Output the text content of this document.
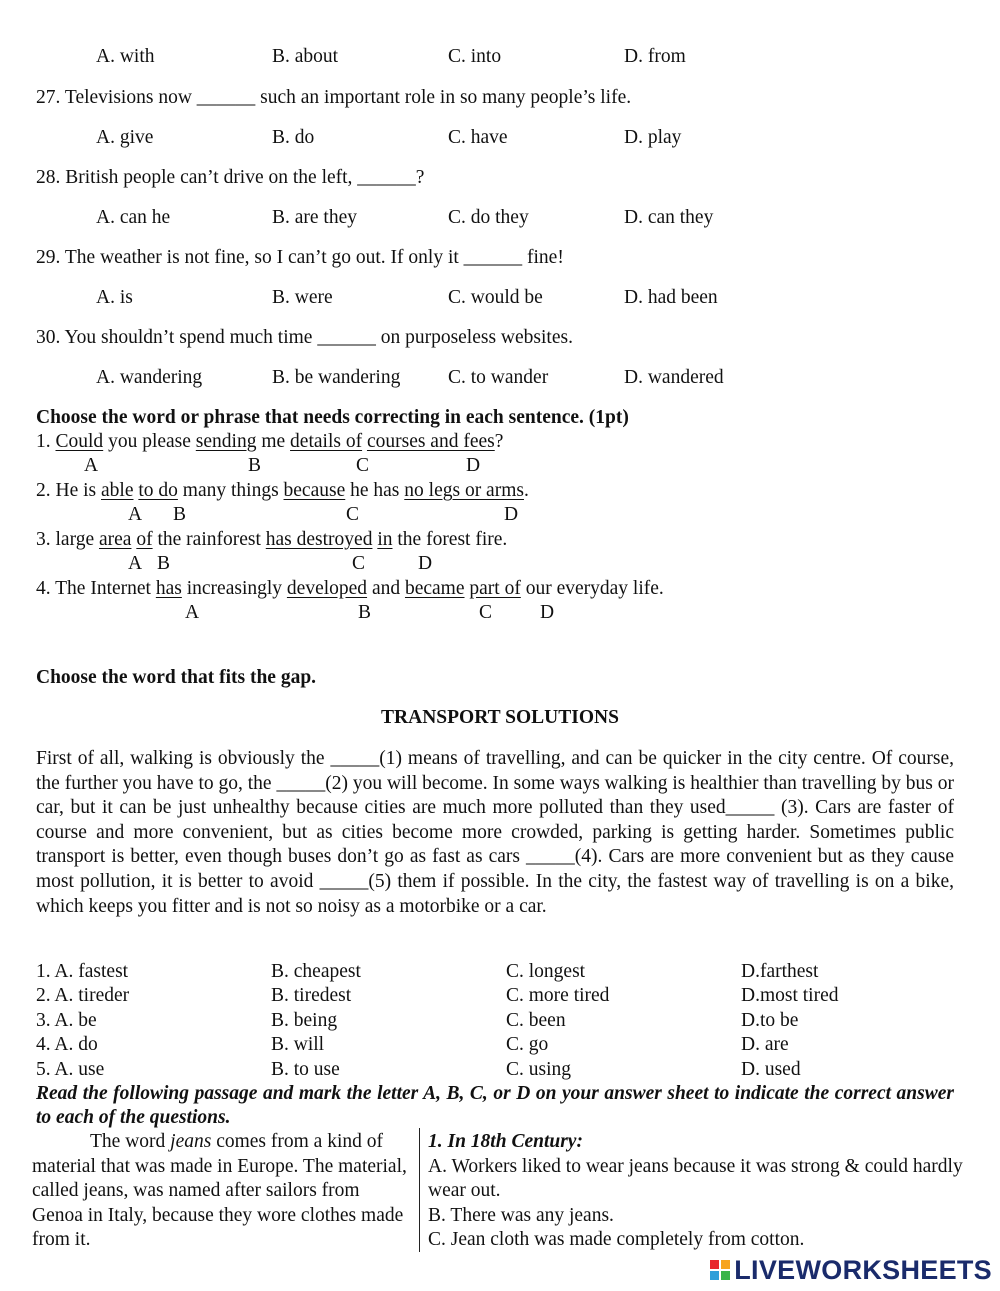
A. with	B. about	C. into	D. from
27. Televisions now ______ such an important role in so many people’s life.
A. give	B. do	C. have	D. play
28. British people can’t drive on the left, ______?
A. can he	B. are they	C. do they	D. can they
29. The weather is not fine, so I can’t go out. If only it ______ fine!
A. is	B. were	C. would be	D. had been
30. You shouldn’t spend much time ______ on purposeless websites.
A. wandering	B. be wandering C. to wander	D. wandered
Choose the word or phrase that needs correcting in each sentence. (1pt)
1. Could you please sending me details of courses and fees?
A	B	C	D
2. He is able to do many things because he has no legs or arms.
A B	C	D
3. large area of the rainforest has destroyed in the forest fire.
A B	C	D
4. The Internet has increasingly developed and became part of our everyday life.
A	B	C D
Choose the word that fits the gap.
TRANSPORT SOLUTIONS
First of all, walking is obviously the _____(1) means of travelling, and can be quicker in the city centre. Of course, the further you have to go, the _____(2) you will become. In some ways walking is healthier than travelling by bus or car, but it can be just unhealthy because cities are much more polluted than they used_____ (3). Cars are faster of course and more convenient, but as cities become more crowded, parking is getting harder. Sometimes public transport is better, even though buses don’t go as fast as cars _____(4). Cars are more convenient but as they cause most pollution, it is better to avoid _____(5) them if possible. In the city, the fastest way of travelling is on a bike, which keeps you fitter and is not so noisy as a motorbike or a car.
1. A. fastest	B. cheapest	C. longest	D.farthest
2. A. tireder	B. tiredest	C. more tired	D.most tired
3. A. be	B. being	C. been	D.to be
4. A. do	B. will	C. go	D. are
5. A. use	B. to use	C. using	D. used
Read the following passage and mark the letter A, B, C, or D on your answer sheet to indicate the correct answer to each of the questions.
The word jeans comes from a kind of material that was made in Europe. The material, called jeans, was named after sailors from Genoa in Italy, because they wore clothes made from it.
1. In 18th Century:
A. Workers liked to wear jeans because it was strong & could hardly wear out.
B. There was any jeans.
C. Jean cloth was made completely from cotton.
LIVEWORKSHEETS
